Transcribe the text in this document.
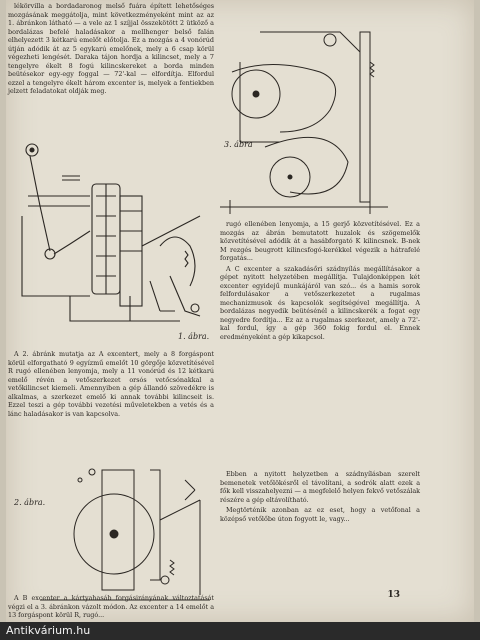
lékörvilla a bordadaronog melső fuára épített lehetőséges mozgásának meggátolja, mint következményeként mint az az 1. ábránkon látható — a vele az 1 szíjjal összekötött 2 ütköző a bordalázas befelé haladásakor a mellhenger belső falán elhelyezett 3 kétkarú emelőt előtolja. Ez a mozgás a 4 vonórúd útján adódik át az 5 egykarú emelőnek, mely a 6 csap körül végezheti lengését. Daraka tájon hordja a kilincset, mely a 7 tengelyre ékelt 8 fogú kilincskereket a borda minden beütésekor egy-egy foggal — 72'-kal — elfordítja. Elfordul ezzel a tengelyre ékelt három excenter is, melyek a fentiekben jelzett feladatokat oldják meg.

1. ábra.

A 2. ábránk mutatja az A excentert, mely a 8 forgáspont körül elforgatható 9 egyízmű emelőt 10 görgője közvetítésével R rugó ellenében lenyomja, mely a 11 vonórúd és 12 kétkarú emelő révén a vetőszerkezet orsós vetőcsónakkal a vetőkilincset kiemeli. Amennyiben a gép állandó szövedékre is alkalmas, a szerkezet emelő ki annak további kilincseit is. Ezzel teszi a gép további vezetési műveletekben a vetés és a lánc haladásakor is van kapcsolva.

2. ábra.

A B excenter a kártyahasáb forgásirányának változtatását végzi el a 3. ábránkon vázolt módon. Az excenter a 14 emelőt a 13 forgáspont körül R, rugó...

3. ábra

rugó ellenében lenyomja, a 15 gerjő közvetítésével. Ez a mozgás az ábrán bemutatott huzalok és szögemelők közvetítésével adódik át a hasábforgató K kilincsnek. B-nek M rezgés beugrott kilincsfogó-kerékkel végezik a hátrafelé forgatás...

A C excenter a szakadásőri szádnyílás megállításakor a gépet nyitott helyzetében megállítja. Tulajdonképpen két excenter egyidejű munkájáról van szó... és a hamis sorok felfordulásakor a vetőszerkezetet a rugalmas mechanizmusok és kapcsolók segítségével megállítja. A bordalázas negyedik beütésénél a kilincskerék a fogat egy negyedre fordítja... Ez az a rugalmas szerkezet, amely a 72'-kal fordul, így a gép 360 fokig fordul el. Ennek eredményeként a gép kikapcsol.

Ebben a nyitott helyzetben a szádnyílásban szerelt bemenetek vetőlökésről el távolítani, a sodrók alatt ezek a fők kell visszahelyezni — a megfelelő helyen fekvő vetőszálak részére a gép eltávolítható.

Megtörténik azonban az ez eset, hogy a vetőfonal a középső vetőlőbe úton fogyott le, vagy...

13
Antikvárium.hu
